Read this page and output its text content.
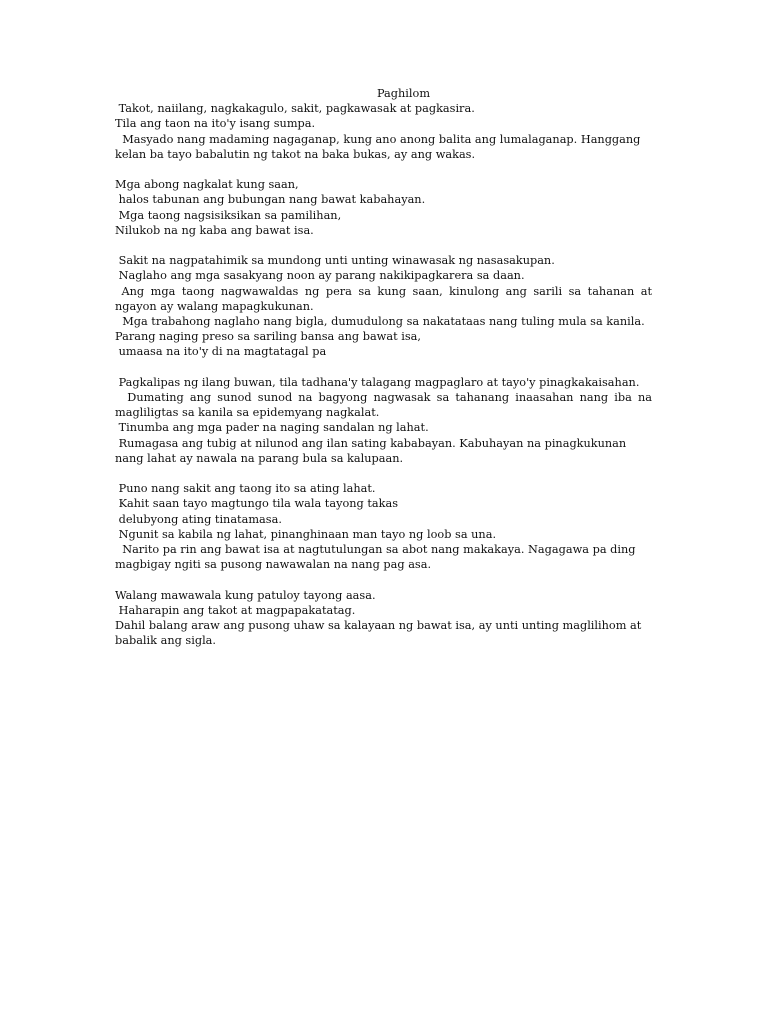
Paghilom
Takot, naiilang, nagkakagulo, sakit, pagkawasak at pagkasira.
Tila ang taon na ito'y isang sumpa.
Masyado nang madaming nagaganap, kung ano anong balita ang lumalaganap. Hanggang kelan ba tayo babalutin ng takot na baka bukas, ay ang wakas.
Mga abong nagkalat kung saan,
halos tabunan ang bubungan nang bawat kabahayan.
Mga taong nagsisiksikan sa pamilihan,
Nilukob na ng kaba ang bawat isa.
Sakit na nagpatahimik sa mundong unti unting winawasak ng nasasakupan.
Naglaho ang mga sasakyang noon ay parang nakikipagkarera sa daan.
Ang mga taong nagwawaldas ng pera sa kung saan, kinulong ang sarili sa tahanan at ngayon ay walang mapagkukunan.
Mga trabahong naglaho nang bigla, dumudulong sa nakatataas nang tuling mula sa kanila.
Parang naging preso sa sariling bansa ang bawat isa,
umaasa na ito'y di na magtatagal pa
Pagkalipas ng ilang buwan, tila tadhana'y talagang magpaglaro at tayo'y pinagkakaisahan.
Dumating ang sunod sunod na bagyong nagwasak sa tahanang inaasahan nang iba na magliligtas sa kanila sa epidemyang nagkalat.
Tinumba ang mga pader na naging sandalan ng lahat.
Rumagasa ang tubig at nilunod ang ilan sating kababayan. Kabuhayan na pinagkukunan nang lahat ay nawala na parang bula sa kalupaan.
Puno nang sakit ang taong ito sa ating lahat.
Kahit saan tayo magtungo tila wala tayong takas
delubyong ating tinatamasa.
Ngunit sa kabila ng lahat, pinanghinaan man tayo ng loob sa una.
Narito pa rin ang bawat isa at nagtutulungan sa abot nang makakaya. Nagagawa pa ding magbigay ngiti sa pusong nawawalan na nang pag asa.
Walang mawawala kung patuloy tayong aasa.
Haharapin ang takot at magpapakatatag.
Dahil balang araw ang pusong uhaw sa kalayaan ng bawat isa, ay unti unting maglilihom at babalik ang sigla.
